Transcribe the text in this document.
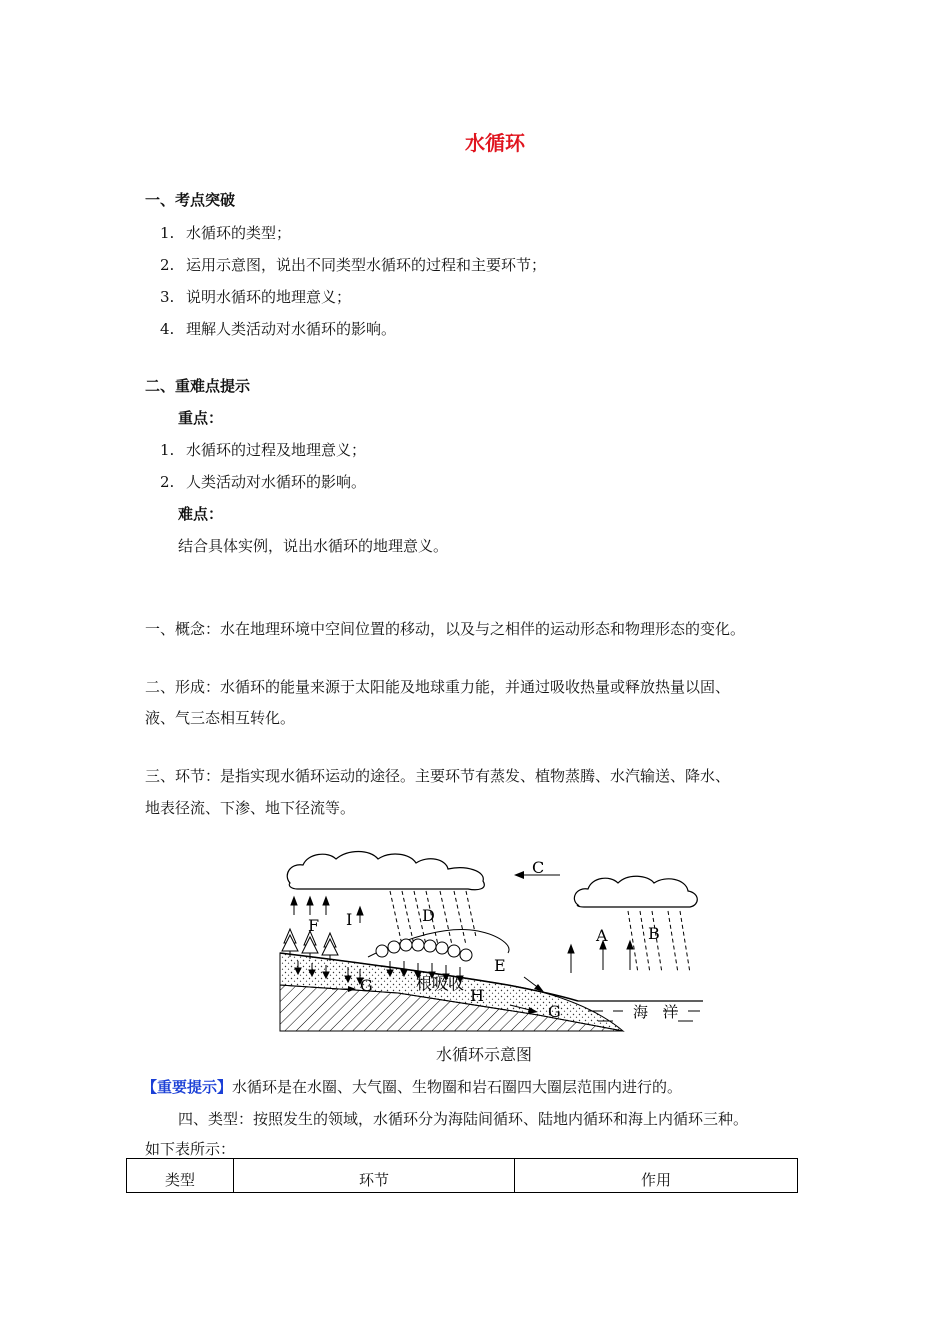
水循环
一、考点突破
1. 水循环的类型；
2. 运用示意图，说出不同类型水循环的过程和主要环节；
3. 说明水循环的地理意义；
4. 理解人类活动对水循环的影响。
二、重难点提示
重点：
1. 水循环的过程及地理意义；
2. 人类活动对水循环的影响。
难点：
结合具体实例，说出水循环的地理意义。
一、概念：水在地理环境中空间位置的移动，以及与之相伴的运动形态和物理形态的变化。
二、形成：水循环的能量来源于太阳能及地球重力能，并通过吸收热量或释放热量以固、
液、气三态相互转化。
三、环节：是指实现水循环运动的途径。主要环节有蒸发、植物蒸腾、水汽输送、降水、
地表径流、下渗、地下径流等。
C
A	B
D
F I
E
G
H
G
根吸收
海　洋
水循环示意图
【重要提示】水循环是在水圈、大气圈、生物圈和岩石圈四大圈层范围内进行的。
四、类型：按照发生的领域，水循环分为海陆间循环、陆地内循环和海上内循环三种。
如下表所示：
类型	环节	作用
